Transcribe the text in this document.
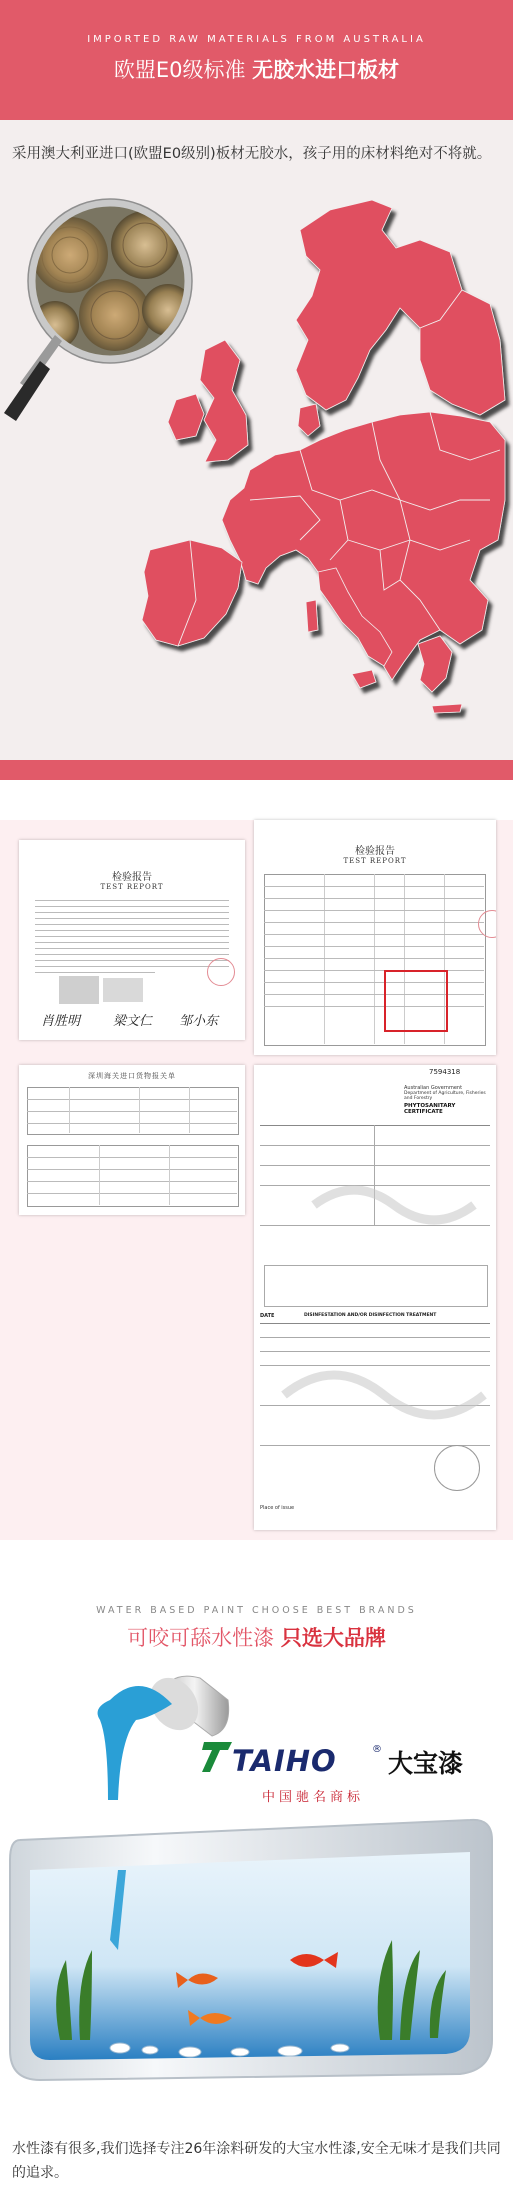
IMPORTED RAW MATERIALS FROM AUSTRALIA
欧盟E0级标准 无胶水进口板材
采用澳大利亚进口(欧盟E0级别)板材无胶水，孩子用的床材料绝对不将就。
检验报告
TEST REPORT
肖胜明	梁文仁 邹小东
检验报告
TEST REPORT
深圳海关进口货物报关单	7594318
Australian Government
Department of Agriculture, Fisheries and Forestry
PHYTOSANITARY CERTIFICATE
DATE	DISINFESTATION AND/OR DISINFECTION TREATMENT
Place of issue
WATER BASED PAINT CHOOSE BEST BRANDS
可咬可舔水性漆 只选大品牌
TAIHO	® 大宝漆
中国驰名商标
水性漆有很多,我们选择专注26年涂料研发的大宝水性漆,安全无味才是我们共同的追求。
